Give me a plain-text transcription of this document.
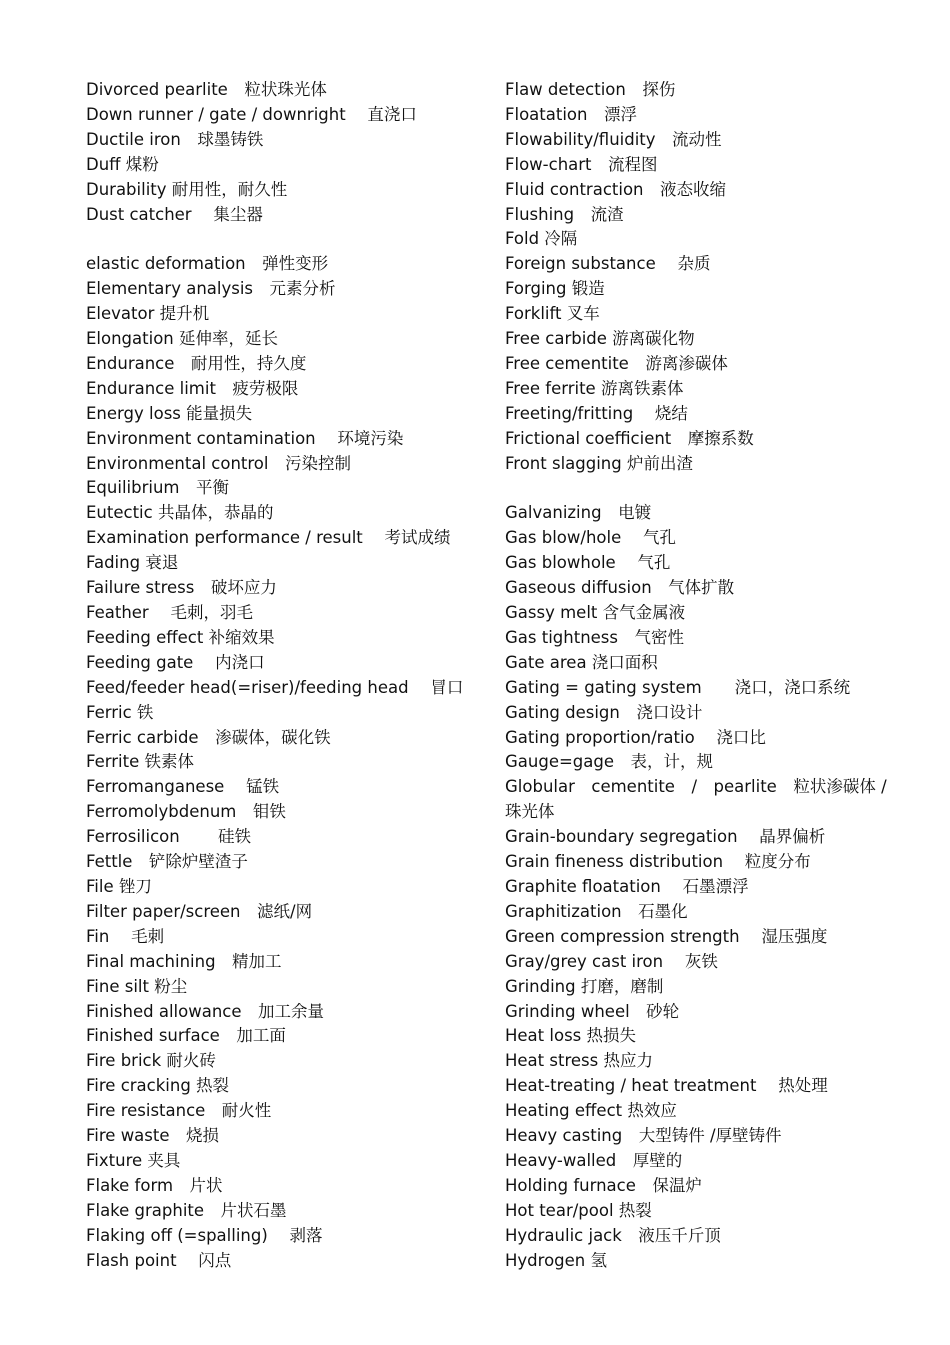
Divorced pearlite　粒状珠光体
Down runner / gate / downright　 直浇口
Ductile iron　球墨铸铁
Duff 煤粉
Durability 耐用性，耐久性
Dust catcher　 集尘器
elastic deformation　弹性变形
Elementary analysis　元素分析
Elevator 提升机
Elongation 延伸率，延长
Endurance　耐用性，持久度
Endurance limit　疲劳极限
Energy loss 能量损失
Environment contamination　 环境污染
Environmental control　污染控制
Equilibrium　平衡
Eutectic 共晶体，恭晶的
Examination performance / result　 考试成绩
Fading 衰退
Failure stress　破坏应力
Feather　 毛刺，羽毛
Feeding effect 补缩效果
Feeding gate　 内浇口
Feed/feeder head(=riser)/feeding head　 冒口
Ferric 铁
Ferric carbide　渗碳体，碳化铁
Ferrite 铁素体
Ferromanganese　 锰铁
Ferromolybdenum　钼铁
Ferrosilicon　　 硅铁
Fettle　铲除炉壁渣子
File 锉刀
Filter paper/screen　滤纸/网
Fin　 毛刺
Final machining　精加工
Fine silt 粉尘
Finished allowance　加工余量
Finished surface　加工面
Fire brick 耐火砖
Fire cracking 热裂
Fire resistance　耐火性
Fire waste　烧损
Fixture 夹具
Flake form　片状
Flake graphite　片状石墨
Flaking off (=spalling)　 剥落
Flash point　 闪点
Flaw detection　探伤
Floatation　漂浮
Flowability/fluidity　流动性
Flow-chart　流程图
Fluid contraction　液态收缩
Flushing　流渣
Fold 冷隔
Foreign substance　 杂质
Forging 锻造
Forklift 叉车
Free carbide 游离碳化物
Free cementite　游离渗碳体
Free ferrite 游离铁素体
Freeting/fritting　 烧结
Frictional coefficient　摩擦系数
Front slagging 炉前出渣
Galvanizing　电镀
Gas blow/hole　 气孔
Gas blowhole　 气孔
Gaseous diffusion　气体扩散
Gassy melt 含气金属液
Gas tightness　气密性
Gate area 浇口面积
Gating = gating system　　浇口，浇口系统
Gating design　浇口设计
Gating proportion/ratio　 浇口比
Gauge=gage　表，计，规
Globular　cementite　/　pearlite　粒状渗碳体 /珠光体
Grain-boundary segregation　 晶界偏析
Grain fineness distribution　 粒度分布
Graphite floatation　 石墨漂浮
Graphitization　石墨化
Green compression strength　 湿压强度
Gray/grey cast iron　 灰铁
Grinding 打磨，磨制
Grinding wheel　砂轮
Heat loss 热损失
Heat stress 热应力
Heat-treating / heat treatment　 热处理
Heating effect 热效应
Heavy casting　大型铸件 /厚壁铸件
Heavy-walled　厚壁的
Holding furnace　保温炉
Hot tear/pool 热裂
Hydraulic jack　液压千斤顶
Hydrogen 氢
